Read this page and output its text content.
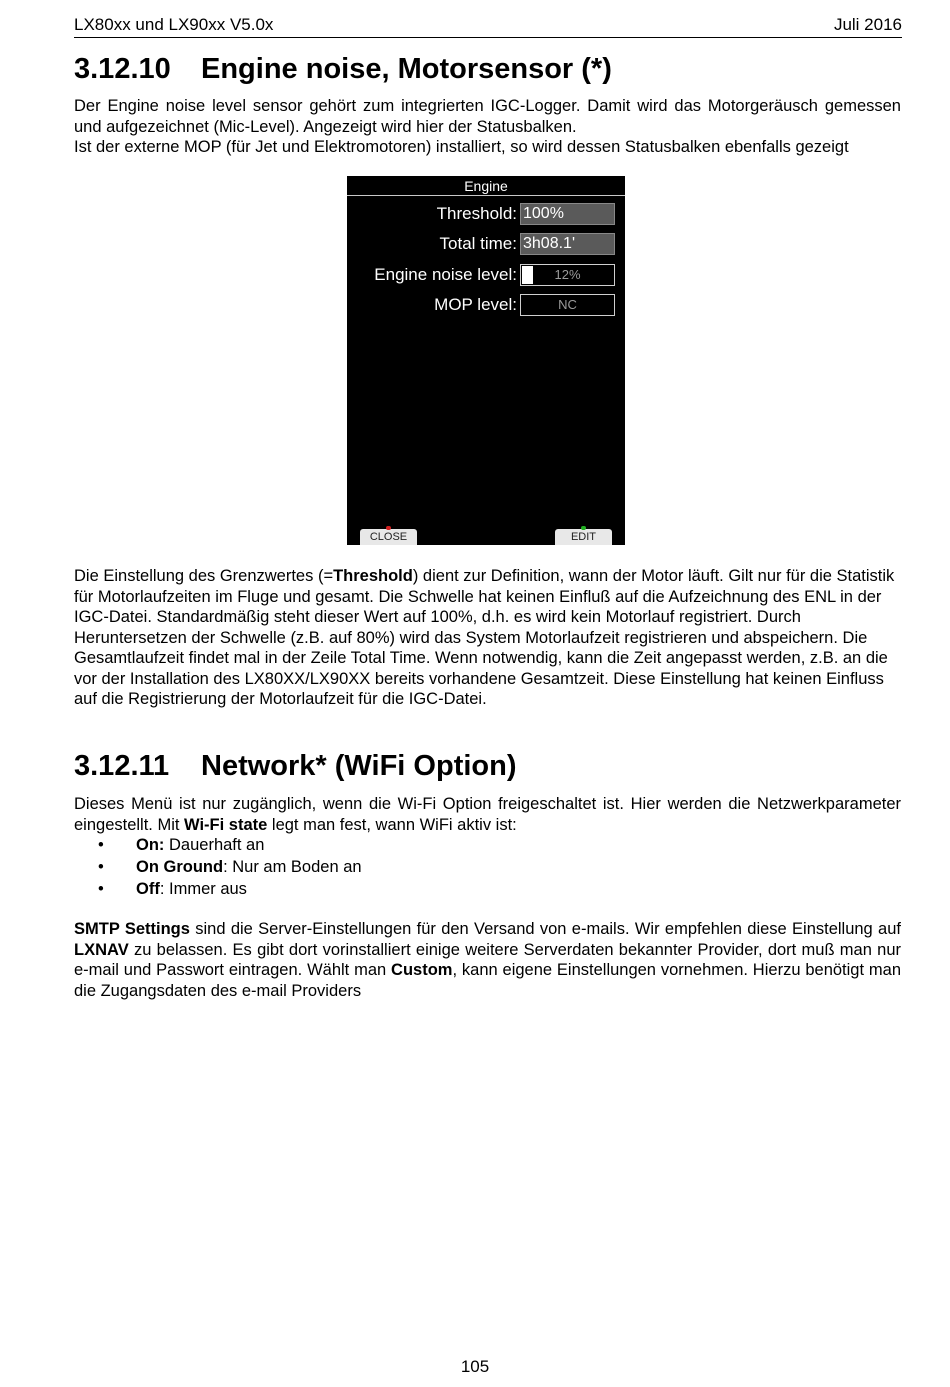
LX80xx und LX90xx V5.0x	Juli 2016
3.12.10	Engine noise, Motorsensor (*)
Der Engine noise level sensor gehört zum integrierten IGC-Logger. Damit wird das Motorgeräusch gemessen und aufgezeichnet (Mic-Level). Angezeigt wird hier der Statusbalken.
Ist der externe MOP (für Jet und Elektromotoren) installiert, so wird dessen Statusbalken ebenfalls gezeigt
Engine
Threshold: 100%
Total time: 3h08.1'
Engine noise level:	12%
MOP level:	NC
CLOSE	EDIT
Die Einstellung des Grenzwertes (=Threshold) dient zur Definition, wann der Motor läuft. Gilt nur für die Statistik für Motorlaufzeiten im Fluge und gesamt. Die Schwelle hat keinen Einfluß auf die Aufzeichnung des ENL in der IGC-Datei. Standardmäßig steht dieser Wert auf 100%, d.h. es wird kein Motorlauf registriert. Durch Heruntersetzen der Schwelle (z.B. auf 80%) wird das System Motorlaufzeit registrieren und abspeichern. Die Gesamtlaufzeit findet mal in der Zeile Total Time. Wenn notwendig, kann die Zeit angepasst werden, z.B. an die vor der Installation des LX80XX/LX90XX bereits vorhandene Gesamtzeit. Diese Einstellung hat keinen Einfluss auf die Registrierung der Motorlaufzeit für die IGC-Datei.
3.12.11	Network* (WiFi Option)
Dieses Menü ist nur zugänglich, wenn die Wi-Fi Option freigeschaltet ist. Hier werden die Netzwerkparameter eingestellt. Mit Wi-Fi state legt man fest, wann WiFi aktiv ist:
• On: Dauerhaft an
• On Ground: Nur am Boden an
• Off: Immer aus
SMTP Settings sind die Server-Einstellungen für den Versand von e-mails. Wir empfehlen diese Einstellung auf LXNAV zu belassen. Es gibt dort vorinstalliert einige weitere Serverdaten bekannter Provider, dort muß man nur e-mail und Passwort eintragen. Wählt man Custom, kann eigene Einstellungen vornehmen. Hierzu benötigt man die Zugangsdaten des e-mail Providers
105
